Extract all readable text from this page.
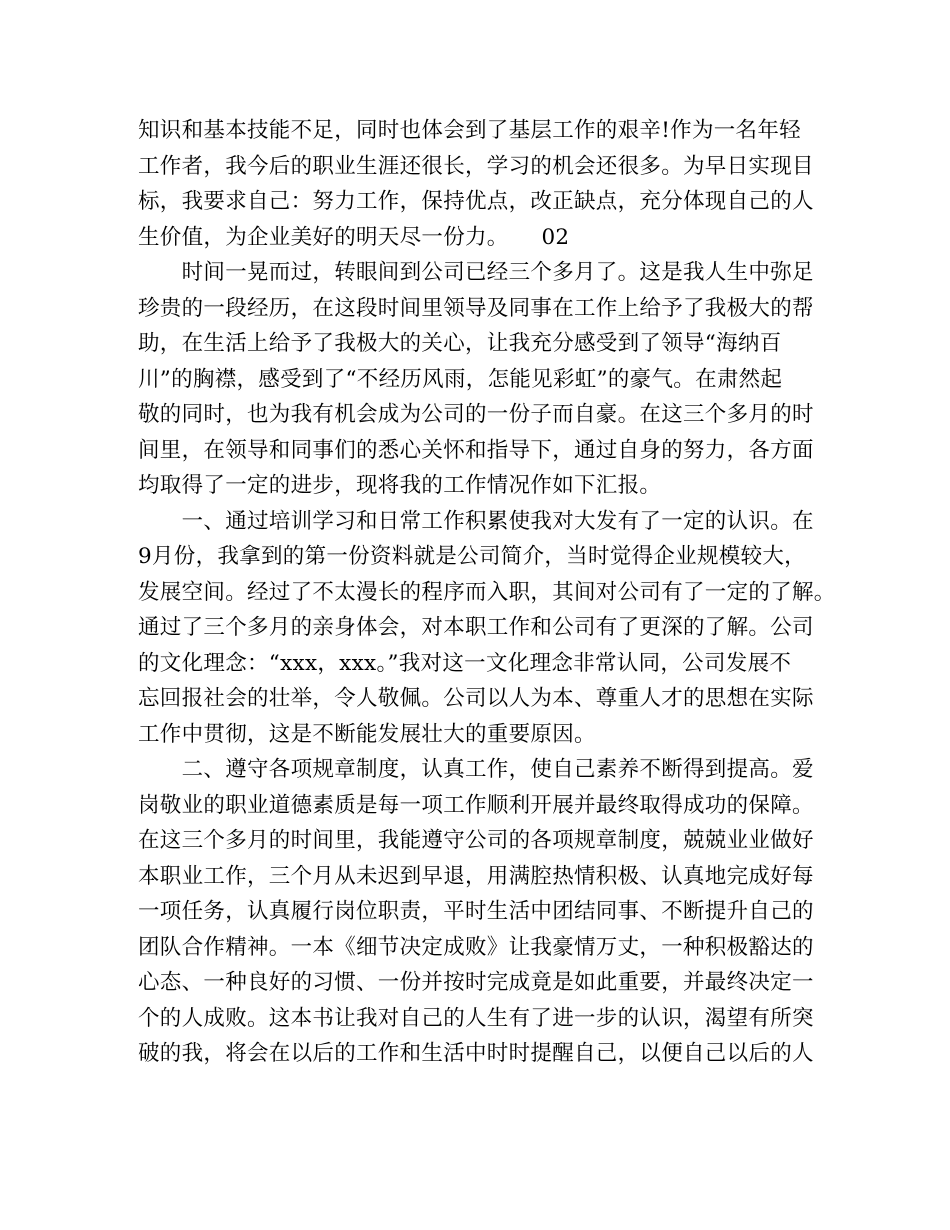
知识和基本技能不足，同时也体会到了基层工作的艰辛!作为一名年轻
工作者，我今后的职业生涯还很长，学习的机会还很多。为早日实现目
标，我要求自己：努力工作，保持优点，改正缺点，充分体现自己的人
生价值，为企业美好的明天尽一份力。　　02
　　时间一晃而过，转眼间到公司已经三个多月了。这是我人生中弥足
珍贵的一段经历，在这段时间里领导及同事在工作上给予了我极大的帮
助，在生活上给予了我极大的关心，让我充分感受到了领导“海纳百
川”的胸襟，感受到了“不经历风雨，怎能见彩虹”的豪气。在肃然起
敬的同时，也为我有机会成为公司的一份子而自豪。在这三个多月的时
间里，在领导和同事们的悉心关怀和指导下，通过自身的努力，各方面
均取得了一定的进步，现将我的工作情况作如下汇报。
　　一、通过培训学习和日常工作积累使我对大发有了一定的认识。在
9月份，我拿到的第一份资料就是公司简介，当时觉得企业规模较大，
发展空间。经过了不太漫长的程序而入职，其间对公司有了一定的了解。
通过了三个多月的亲身体会，对本职工作和公司有了更深的了解。公司
的文化理念：“xxx，xxx。”我对这一文化理念非常认同，公司发展不
忘回报社会的壮举，令人敬佩。公司以人为本、尊重人才的思想在实际
工作中贯彻，这是不断能发展壮大的重要原因。
　　二、遵守各项规章制度，认真工作，使自己素养不断得到提高。爱
岗敬业的职业道德素质是每一项工作顺利开展并最终取得成功的保障。
在这三个多月的时间里，我能遵守公司的各项规章制度，兢兢业业做好
本职业工作，三个月从未迟到早退，用满腔热情积极、认真地完成好每
一项任务，认真履行岗位职责，平时生活中团结同事、不断提升自己的
团队合作精神。一本《细节决定成败》让我豪情万丈，一种积极豁达的
心态、一种良好的习惯、一份并按时完成竟是如此重要，并最终决定一
个的人成败。这本书让我对自己的人生有了进一步的认识，渴望有所突
破的我，将会在以后的工作和生活中时时提醒自己，以便自己以后的人
